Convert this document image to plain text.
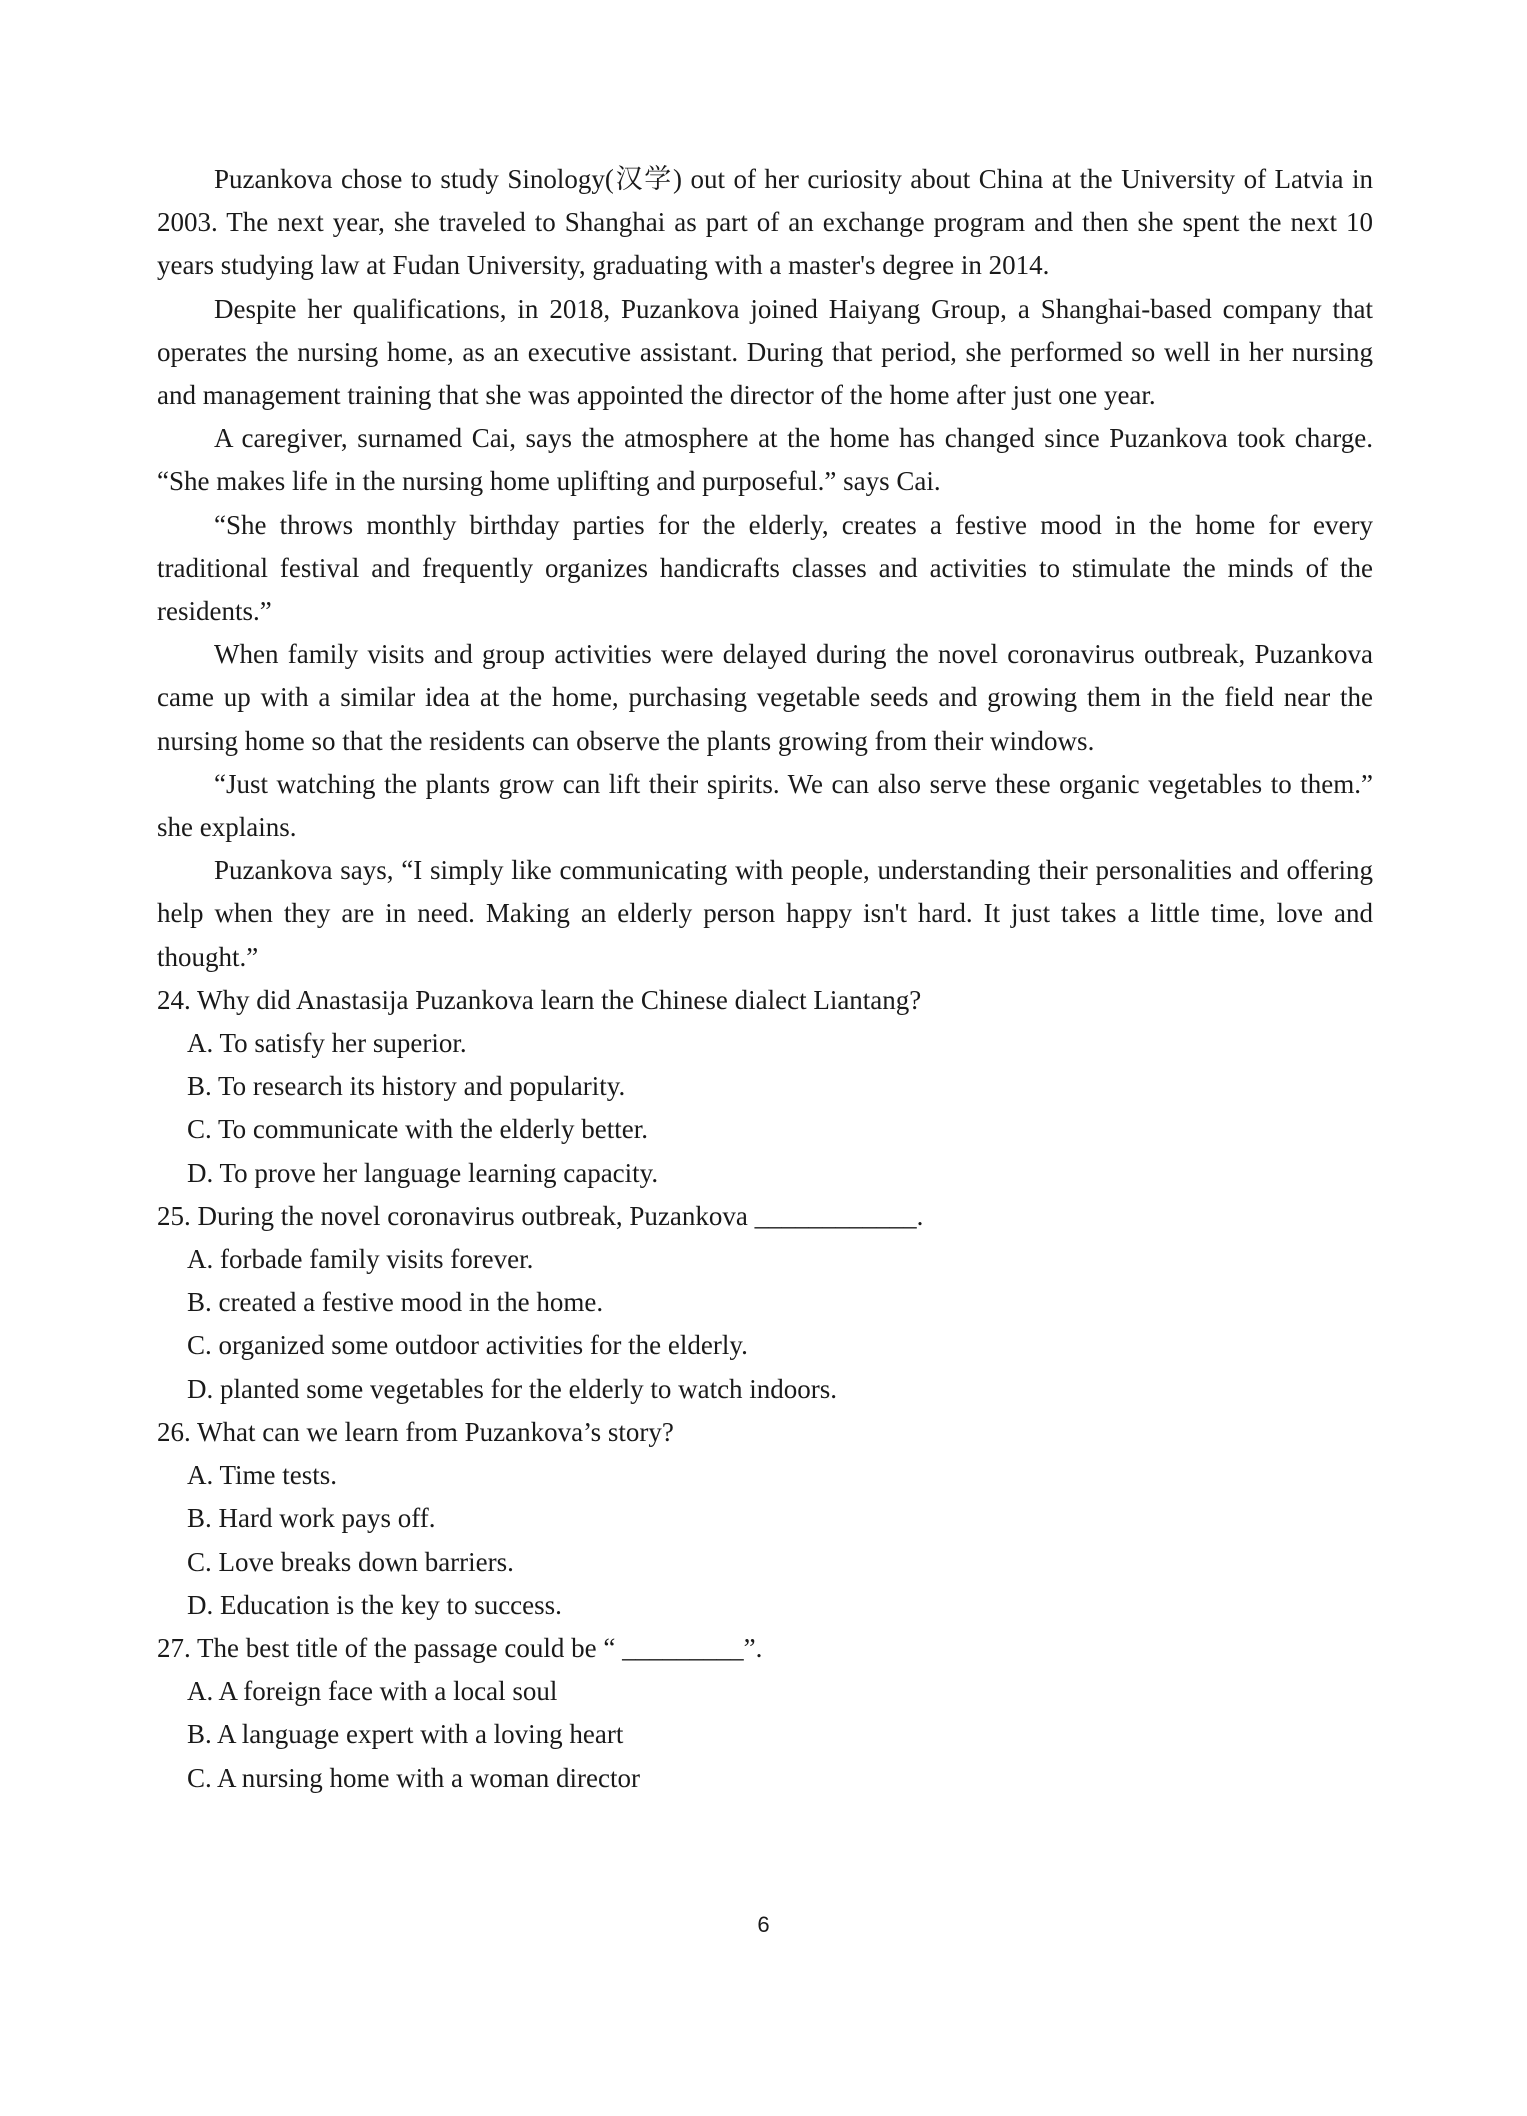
Puzankova chose to study Sinology(汉学) out of her curiosity about China at the University of Latvia in 2003. The next year, she traveled to Shanghai as part of an exchange program and then she spent the next 10 years studying law at Fudan University, graduating with a master's degree in 2014.

Despite her qualifications, in 2018, Puzankova joined Haiyang Group, a Shanghai-based company that operates the nursing home, as an executive assistant. During that period, she performed so well in her nursing and management training that she was appointed the director of the home after just one year.

A caregiver, surnamed Cai, says the atmosphere at the home has changed since Puzankova took charge. “She makes life in the nursing home uplifting and purposeful.” says Cai.

“She throws monthly birthday parties for the elderly, creates a festive mood in the home for every traditional festival and frequently organizes handicrafts classes and activities to stimulate the minds of the residents.”

When family visits and group activities were delayed during the novel coronavirus outbreak, Puzankova came up with a similar idea at the home, purchasing vegetable seeds and growing them in the field near the nursing home so that the residents can observe the plants growing from their windows.

“Just watching the plants grow can lift their spirits. We can also serve these organic vegetables to them.” she explains.

Puzankova says, “I simply like communicating with people, understanding their personalities and offering help when they are in need. Making an elderly person happy isn't hard. It just takes a little time, love and thought.”

24. Why did Anastasija Puzankova learn the Chinese dialect Liantang?

A. To satisfy her superior.

B. To research its history and popularity.

C. To communicate with the elderly better.

D. To prove her language learning capacity.

25. During the novel coronavirus outbreak, Puzankova ____________.

A. forbade family visits forever.

B. created a festive mood in the home.

C. organized some outdoor activities for the elderly.

D. planted some vegetables for the elderly to watch indoors.

26. What can we learn from Puzankova’s story?

A. Time tests.

B. Hard work pays off.

C. Love breaks down barriers.

D. Education is the key to success.

27. The best title of the passage could be “ _________”.

A. A foreign face with a local soul

B. A language expert with a loving heart

C. A nursing home with a woman director

6
